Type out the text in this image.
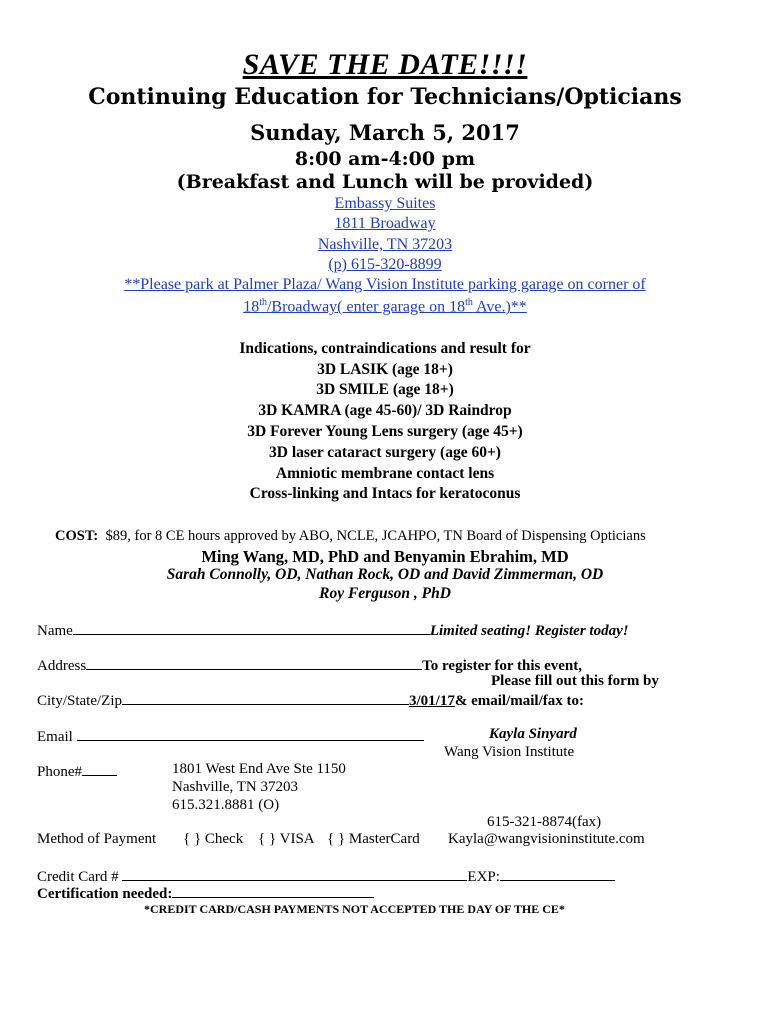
SAVE THE DATE!!!!
Continuing Education for Technicians/Opticians
Sunday, March 5, 2017
8:00 am-4:00 pm
(Breakfast and Lunch will be provided)
Embassy Suites
1811 Broadway
Nashville, TN 37203
(p) 615-320-8899
**Please park at Palmer Plaza/ Wang Vision Institute parking garage on corner of
18th/Broadway( enter garage on 18th Ave.)**
Indications, contraindications and result for
3D LASIK (age 18+)
3D SMILE (age 18+)
3D KAMRA (age 45-60)/ 3D Raindrop
3D Forever Young Lens surgery (age 45+)
3D laser cataract surgery (age 60+)
Amniotic membrane contact lens
Cross-linking and Intacs for keratoconus
COST: $89, for 8 CE hours approved by ABO, NCLE, JCAHPO, TN Board of Dispensing Opticians
Ming Wang, MD, PhD and Benyamin Ebrahim, MD
Sarah Connolly, OD, Nathan Rock, OD and David Zimmerman, OD
Roy Ferguson , PhD
Name	Limited seating! Register today!
Address	To register for this event,
Please fill out this form by
City/State/Zip	3/01/17& email/mail/fax to:
Email	Kayla Sinyard
Wang Vision Institute
Phone#	1801 West End Ave Ste 1150
Nashville, TN 37203
615.321.8881 (O)
615-321-8874(fax)
Method of Payment { } Check { } VISA { } MasterCard Kayla@wangvisioninstitute.com
Credit Card #	EXP:
Certification needed:
*CREDIT CARD/CASH PAYMENTS NOT ACCEPTED THE DAY OF THE CE*
